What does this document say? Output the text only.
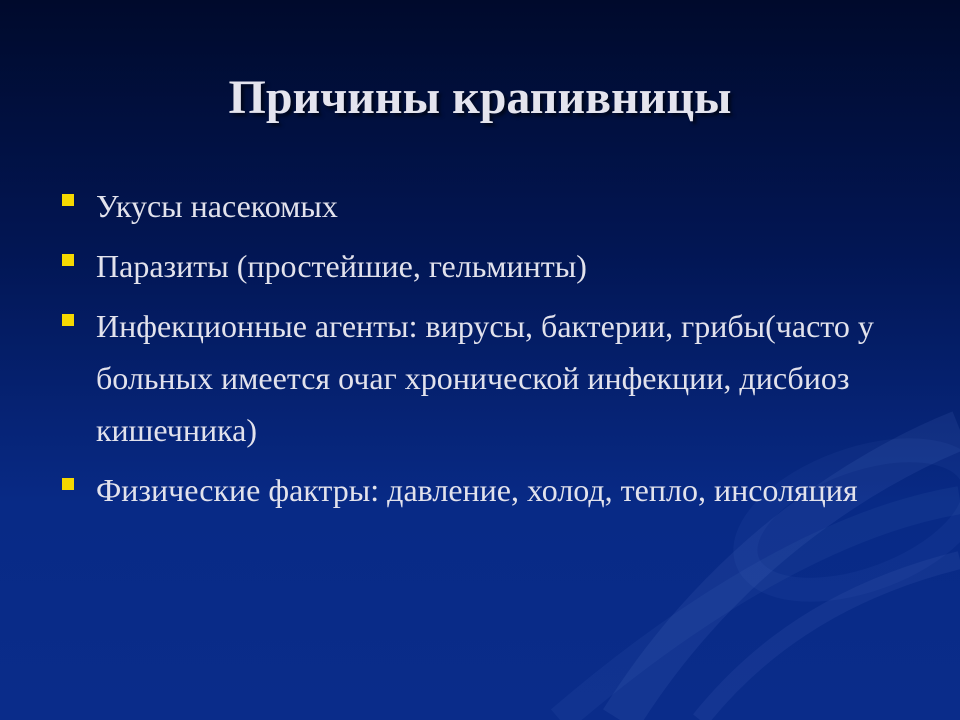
Причины крапивницы
Укусы насекомых
Паразиты (простейшие, гельминты)
Инфекционные агенты: вирусы, бактерии, грибы(часто у больных имеется очаг хронической инфекции, дисбиоз кишечника)
Физические фактры: давление, холод, тепло, инсоляция
